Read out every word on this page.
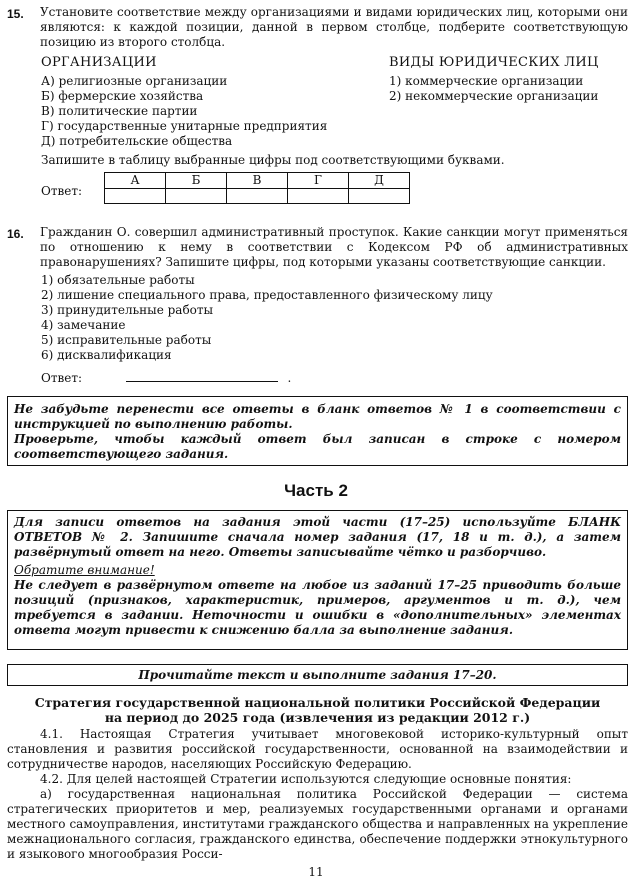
15. Установите соответствие между организациями и видами юридических лиц, которыми они являются: к каждой позиции, данной в первом столбце, подберите соответствующую позицию из второго столбца.
ОРГАНИЗАЦИИ	ВИДЫ ЮРИДИЧЕСКИХ ЛИЦ
А) религиозные организации
Б) фермерские хозяйства
В) политические партии
Г) государственные унитарные предприятия
Д) потребительские общества
1) коммерческие организации
2) некоммерческие организации
Запишите в таблицу выбранные цифры под соответствующими буквами.
Ответ:
А	Б	В	Г	Д

16. Гражданин О. совершил административный проступок. Какие санкции могут применяться по отношению к нему в соответствии с Кодексом РФ об административных правонарушениях? Запишите цифры, под которыми указаны соответствующие санкции.
1) обязательные работы
2) лишение специального права, предоставленного физическому лицу
3) принудительные работы
4) замечание
5) исправительные работы
6) дисквалификация
Ответ:	.

Не забудьте перенести все ответы в бланк ответов № 1 в соответствии с инструкцией по выполнению работы.

Проверьте, чтобы каждый ответ был записан в строке с номером соответствующего задания.

Часть 2

Для записи ответов на задания этой части (17–25) используйте БЛАНК ОТВЕТОВ № 2. Запишите сначала номер задания (17, 18 и т. д.), а затем развёрнутый ответ на него. Ответы записывайте чётко и разборчиво.

Обратите внимание!

Не следует в развёрнутом ответе на любое из заданий 17–25 приводить больше позиций (признаков, характеристик, примеров, аргументов и т. д.), чем требуется в задании. Неточности и ошибки в «дополнительных» элементах ответа могут привести к снижению балла за выполнение задания.

Прочитайте текст и выполните задания 17–20.
Стратегия государственной национальной политики Российской Федерации
на период до 2025 года (извлечения из редакции 2012 г.)

4.1. Настоящая Стратегия учитывает многовековой историко-культурный опыт становления и развития российской государственности, основанной на взаимодействии и сотрудничестве народов, населяющих Российскую Федерацию.

4.2. Для целей настоящей Стратегии используются следующие основные понятия:

а) государственная национальная политика Российской Федерации — система стратегических приоритетов и мер, реализуемых государственными органами и органами местного самоуправления, институтами гражданского общества и направленных на укрепление межнационального согласия, гражданского единства, обеспечение поддержки этнокультурного и языкового многообразия Росси-

11
